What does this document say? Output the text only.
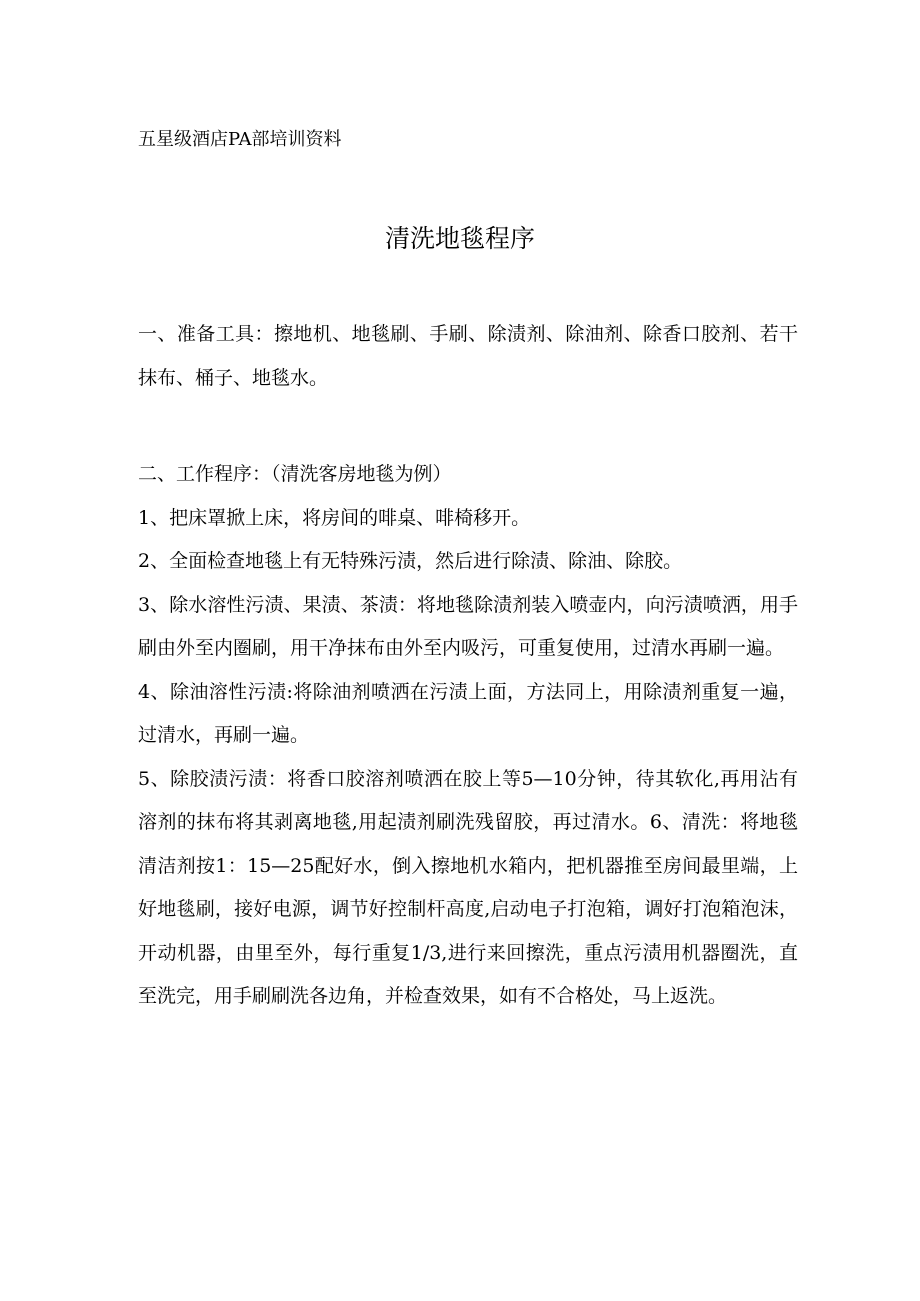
五星级酒店PA部培训资料
清洗地毯程序

一、准备工具：擦地机、地毯刷、手刷、除渍剂、除油剂、除香口胶剂、若干抹布、桶子、地毯水。

二、工作程序：（清洗客房地毯为例）

1、把床罩掀上床，将房间的啡桌、啡椅移开。

2、全面检查地毯上有无特殊污渍，然后进行除渍、除油、除胶。

3、除水溶性污渍、果渍、茶渍：将地毯除渍剂装入喷壶内，向污渍喷洒，用手刷由外至内圈刷，用干净抹布由外至内吸污，可重复使用，过清水再刷一遍。

4、除油溶性污渍:将除油剂喷洒在污渍上面，方法同上，用除渍剂重复一遍，过清水，再刷一遍。

5、除胶渍污渍：将香口胶溶剂喷洒在胶上等5—10分钟，待其软化,再用沾有溶剂的抹布将其剥离地毯,用起渍剂刷洗残留胶，再过清水。6、清洗：将地毯清洁剂按1：15—25配好水，倒入擦地机水箱内，把机器推至房间最里端，上好地毯刷，接好电源，调节好控制杆高度,启动电子打泡箱，调好打泡箱泡沫，开动机器，由里至外，每行重复1/3,进行来回擦洗，重点污渍用机器圈洗，直至洗完，用手刷刷洗各边角，并检查效果，如有不合格处，马上返洗。
